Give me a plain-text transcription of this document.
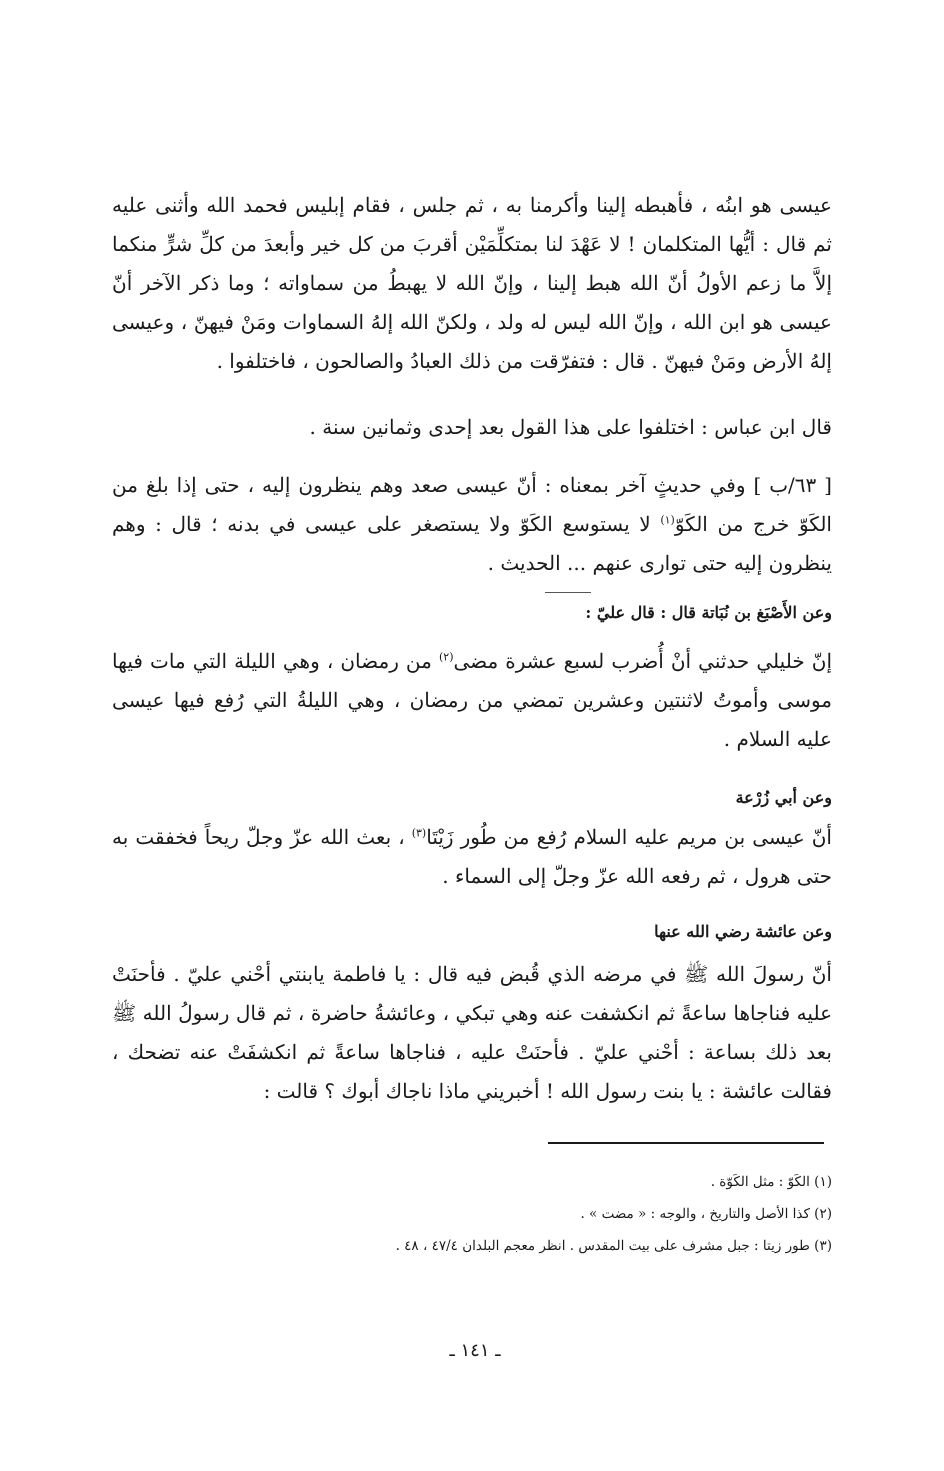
عيسى هو ابنُه ، فأهبطه إلينا وأكرمنا به ، ثم جلس ، فقام إبليس فحمد الله وأثنى عليه ثم قال : أيُّها المتكلمان ! لا عَهْدَ لنا بمتكلِّمَيْن أقربَ من كل خير وأبعدَ من كلِّ شرٍّ منكما إلاَّ ما زعم الأولُ أنّ الله هبط إلينا ، وإنّ الله لا يهبطُ من سماواته ؛ وما ذكر الآخر أنّ عيسى هو ابن الله ، وإنّ الله ليس له ولد ، ولكنّ الله إلهُ السماوات ومَنْ فيهنّ ، وعيسى إلهُ الأرض ومَنْ فيهنّ . قال : فتفرّقت من ذلك العبادُ والصالحون ، فاختلفوا .

قال ابن عباس : اختلفوا على هذا القول بعد إحدى وثمانين سنة .

[ ٦٣/ب ] وفي حديثٍ آخر بمعناه : أنّ عيسى صعد وهم ينظرون إليه ، حتى إذا بلغ من الكَوّ خرج من الكَوّ$^{(١)}$ لا يستوسع الكَوّ ولا يستصغر على عيسى في بدنه ؛ قال : وهم ينظرون إليه حتى توارى عنهم ... الحديث .

وعن الأَصْبَغ بن نُبَاتة قال : قال عليّ :

إنّ خليلي حدثني أنْ أُضرب لسبع عشرة مضى$^{(٢)}$ من رمضان ، وهي الليلة التي مات فيها موسى وأموتُ لاثنتين وعشرين تمضي من رمضان ، وهي الليلةُ التي رُفع فيها عيسى عليه السلام .

وعن أبي زُرْعة

أنّ عيسى بن مريم عليه السلام رُفع من طُور زَيْتَا$^{(٣)}$ ، بعث الله عزّ وجلّ ريحاً فخفقت به حتى هرول ، ثم رفعه الله عزّ وجلّ إلى السماء .

وعن عائشة رضي الله عنها

أنّ رسولَ الله ﷺ في مرضه الذي قُبض فيه قال : يا فاطمة يابنتي أحْني عليّ . فأحنَتْ عليه فناجاها ساعةً ثم انكشفت عنه وهي تبكي ، وعائشةُ حاضرة ، ثم قال رسولُ الله ﷺ بعد ذلك بساعة : أحْني عليّ . فأحنَتْ عليه ، فناجاها ساعةً ثم انكشفَتْ عنه تضحك ، فقالت عائشة : يا بنت رسول الله ! أخبريني ماذا ناجاك أبوك ؟ قالت :

(١) الكَوّ : مثل الكَوّة .

(٢) كذا الأصل والتاريخ ، والوجه : « مضت » .

(٣) طور زيتا : جبل مشرف على بيت المقدس . انظر معجم البلدان ٤٧/٤ ، ٤٨ .

ـ ١٤١ ـ
